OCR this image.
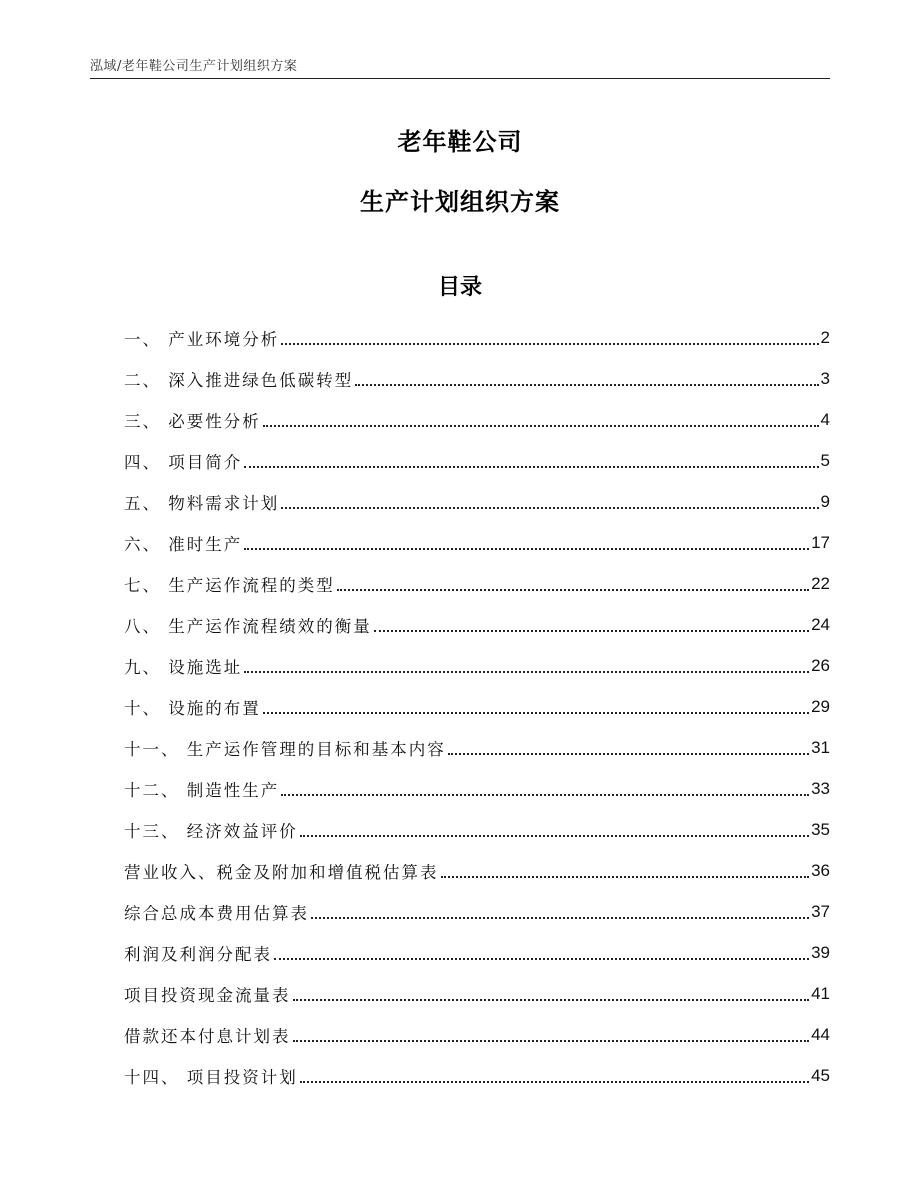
泓域/老年鞋公司生产计划组织方案
老年鞋公司
生产计划组织方案
目录
一、 产业环境分析	2
二、 深入推进绿色低碳转型	3
三、 必要性分析	4
四、 项目简介	5
五、 物料需求计划	9
六、 准时生产	17
七、 生产运作流程的类型	22
八、 生产运作流程绩效的衡量	24
九、 设施选址	26
十、 设施的布置	29
十一、 生产运作管理的目标和基本内容	31
十二、 制造性生产	33
十三、 经济效益评价	35
营业收入、税金及附加和增值税估算表	36
综合总成本费用估算表	37
利润及利润分配表	39
项目投资现金流量表	41
借款还本付息计划表	44
十四、 项目投资计划	45
